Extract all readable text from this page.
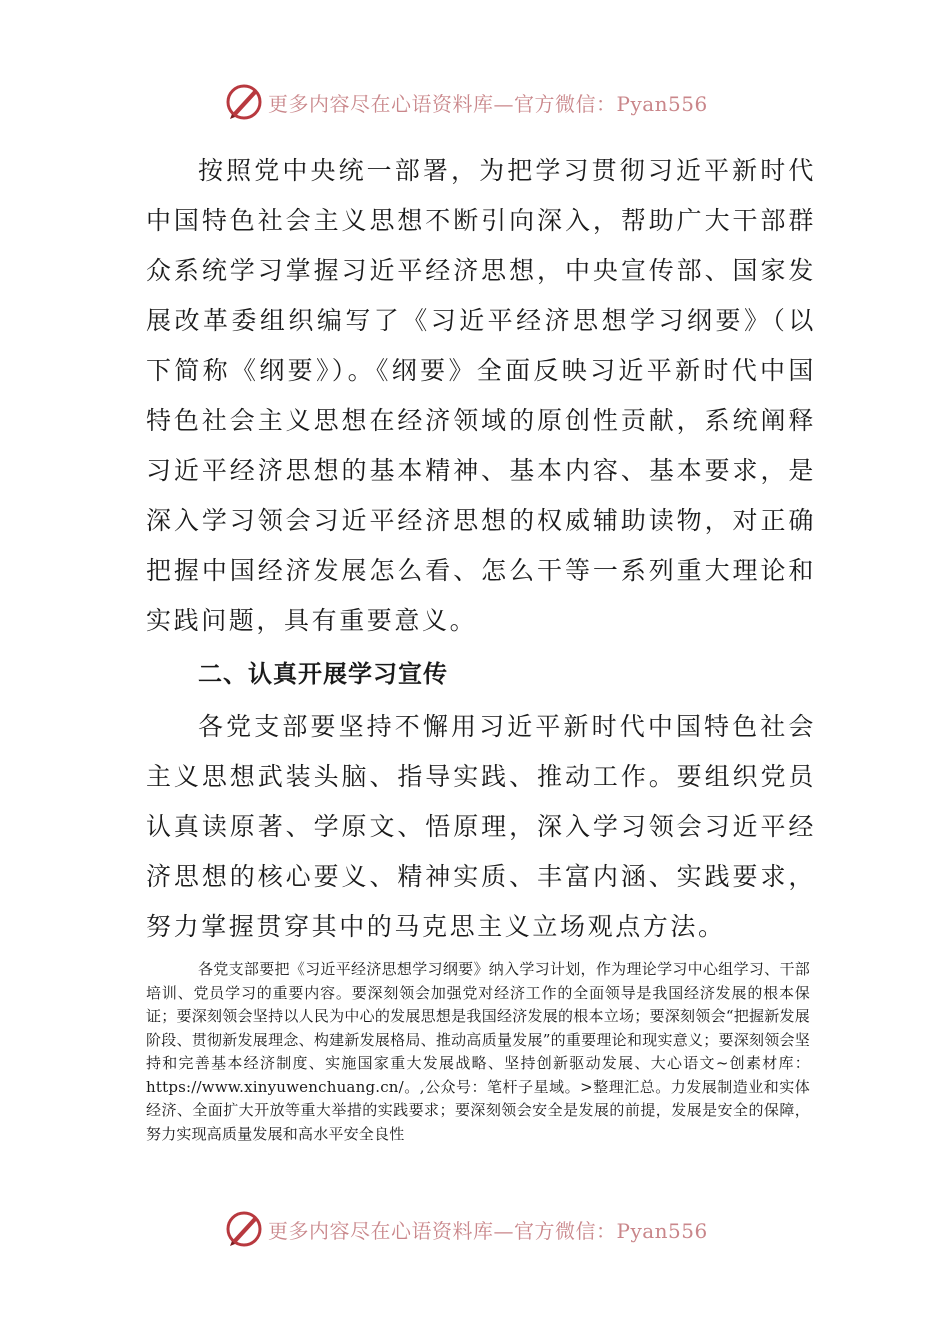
更多内容尽在心语资料库—官方微信：Pyan556

按照党中央统一部署，为把学习贯彻习近平新时代中国特色社会主义思想不断引向深入，帮助广大干部群众系统学习掌握习近平经济思想，中央宣传部、国家发展改革委组织编写了《习近平经济思想学习纲要》（以下简称《纲要》）。《纲要》全面反映习近平新时代中国特色社会主义思想在经济领域的原创性贡献，系统阐释习近平经济思想的基本精神、基本内容、基本要求，是深入学习领会习近平经济思想的权威辅助读物，对正确把握中国经济发展怎么看、怎么干等一系列重大理论和实践问题，具有重要意义。

二、认真开展学习宣传

各党支部要坚持不懈用习近平新时代中国特色社会主义思想武装头脑、指导实践、推动工作。要组织党员认真读原著、学原文、悟原理，深入学习领会习近平经济思想的核心要义、精神实质、丰富内涵、实践要求，努力掌握贯穿其中的马克思主义立场观点方法。

各党支部要把《习近平经济思想学习纲要》纳入学习计划，作为理论学习中心组学习、干部培训、党员学习的重要内容。要深刻领会加强党对经济工作的全面领导是我国经济发展的根本保证；要深刻领会坚持以人民为中心的发展思想是我国经济发展的根本立场；要深刻领会“把握新发展阶段、贯彻新发展理念、构建新发展格局、推动高质量发展”的重要理论和现实意义；要深刻领会坚持和完善基本经济制度、实施国家重大发展战略、坚持创新驱动发展、大心语文~创素材库：https://www.xinyuwenchuang.cn/。,公众号：笔杆子星域。>整理汇总。力发展制造业和实体经济、全面扩大开放等重大举措的实践要求；要深刻领会安全是发展的前提，发展是安全的保障，努力实现高质量发展和高水平安全良性

更多内容尽在心语资料库—官方微信：Pyan556
